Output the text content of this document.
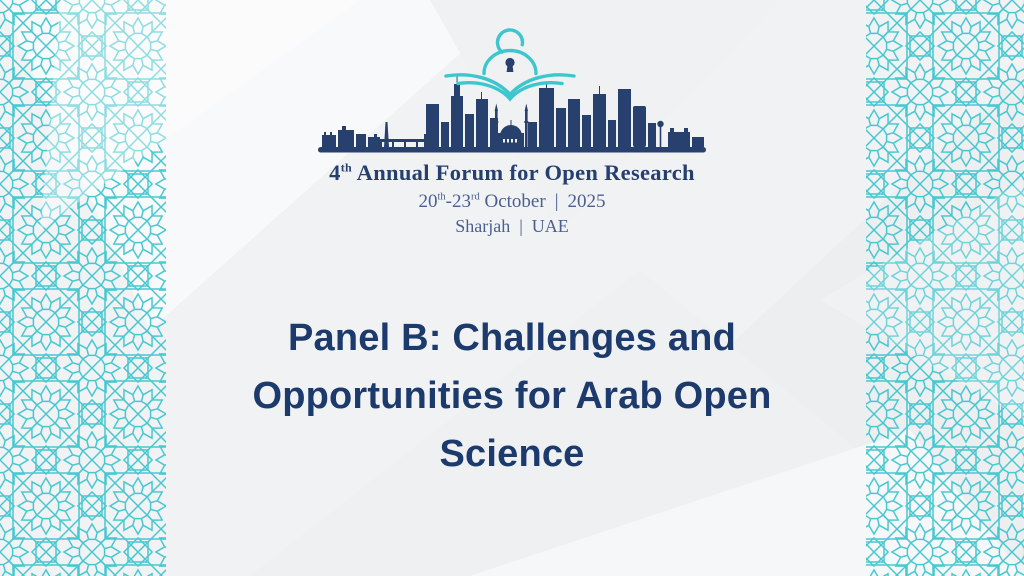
4th Annual Forum for Open Research
20th-23rd October | 2025
Sharjah | UAE
Panel B: Challenges and
Opportunities for Arab Open
Science
